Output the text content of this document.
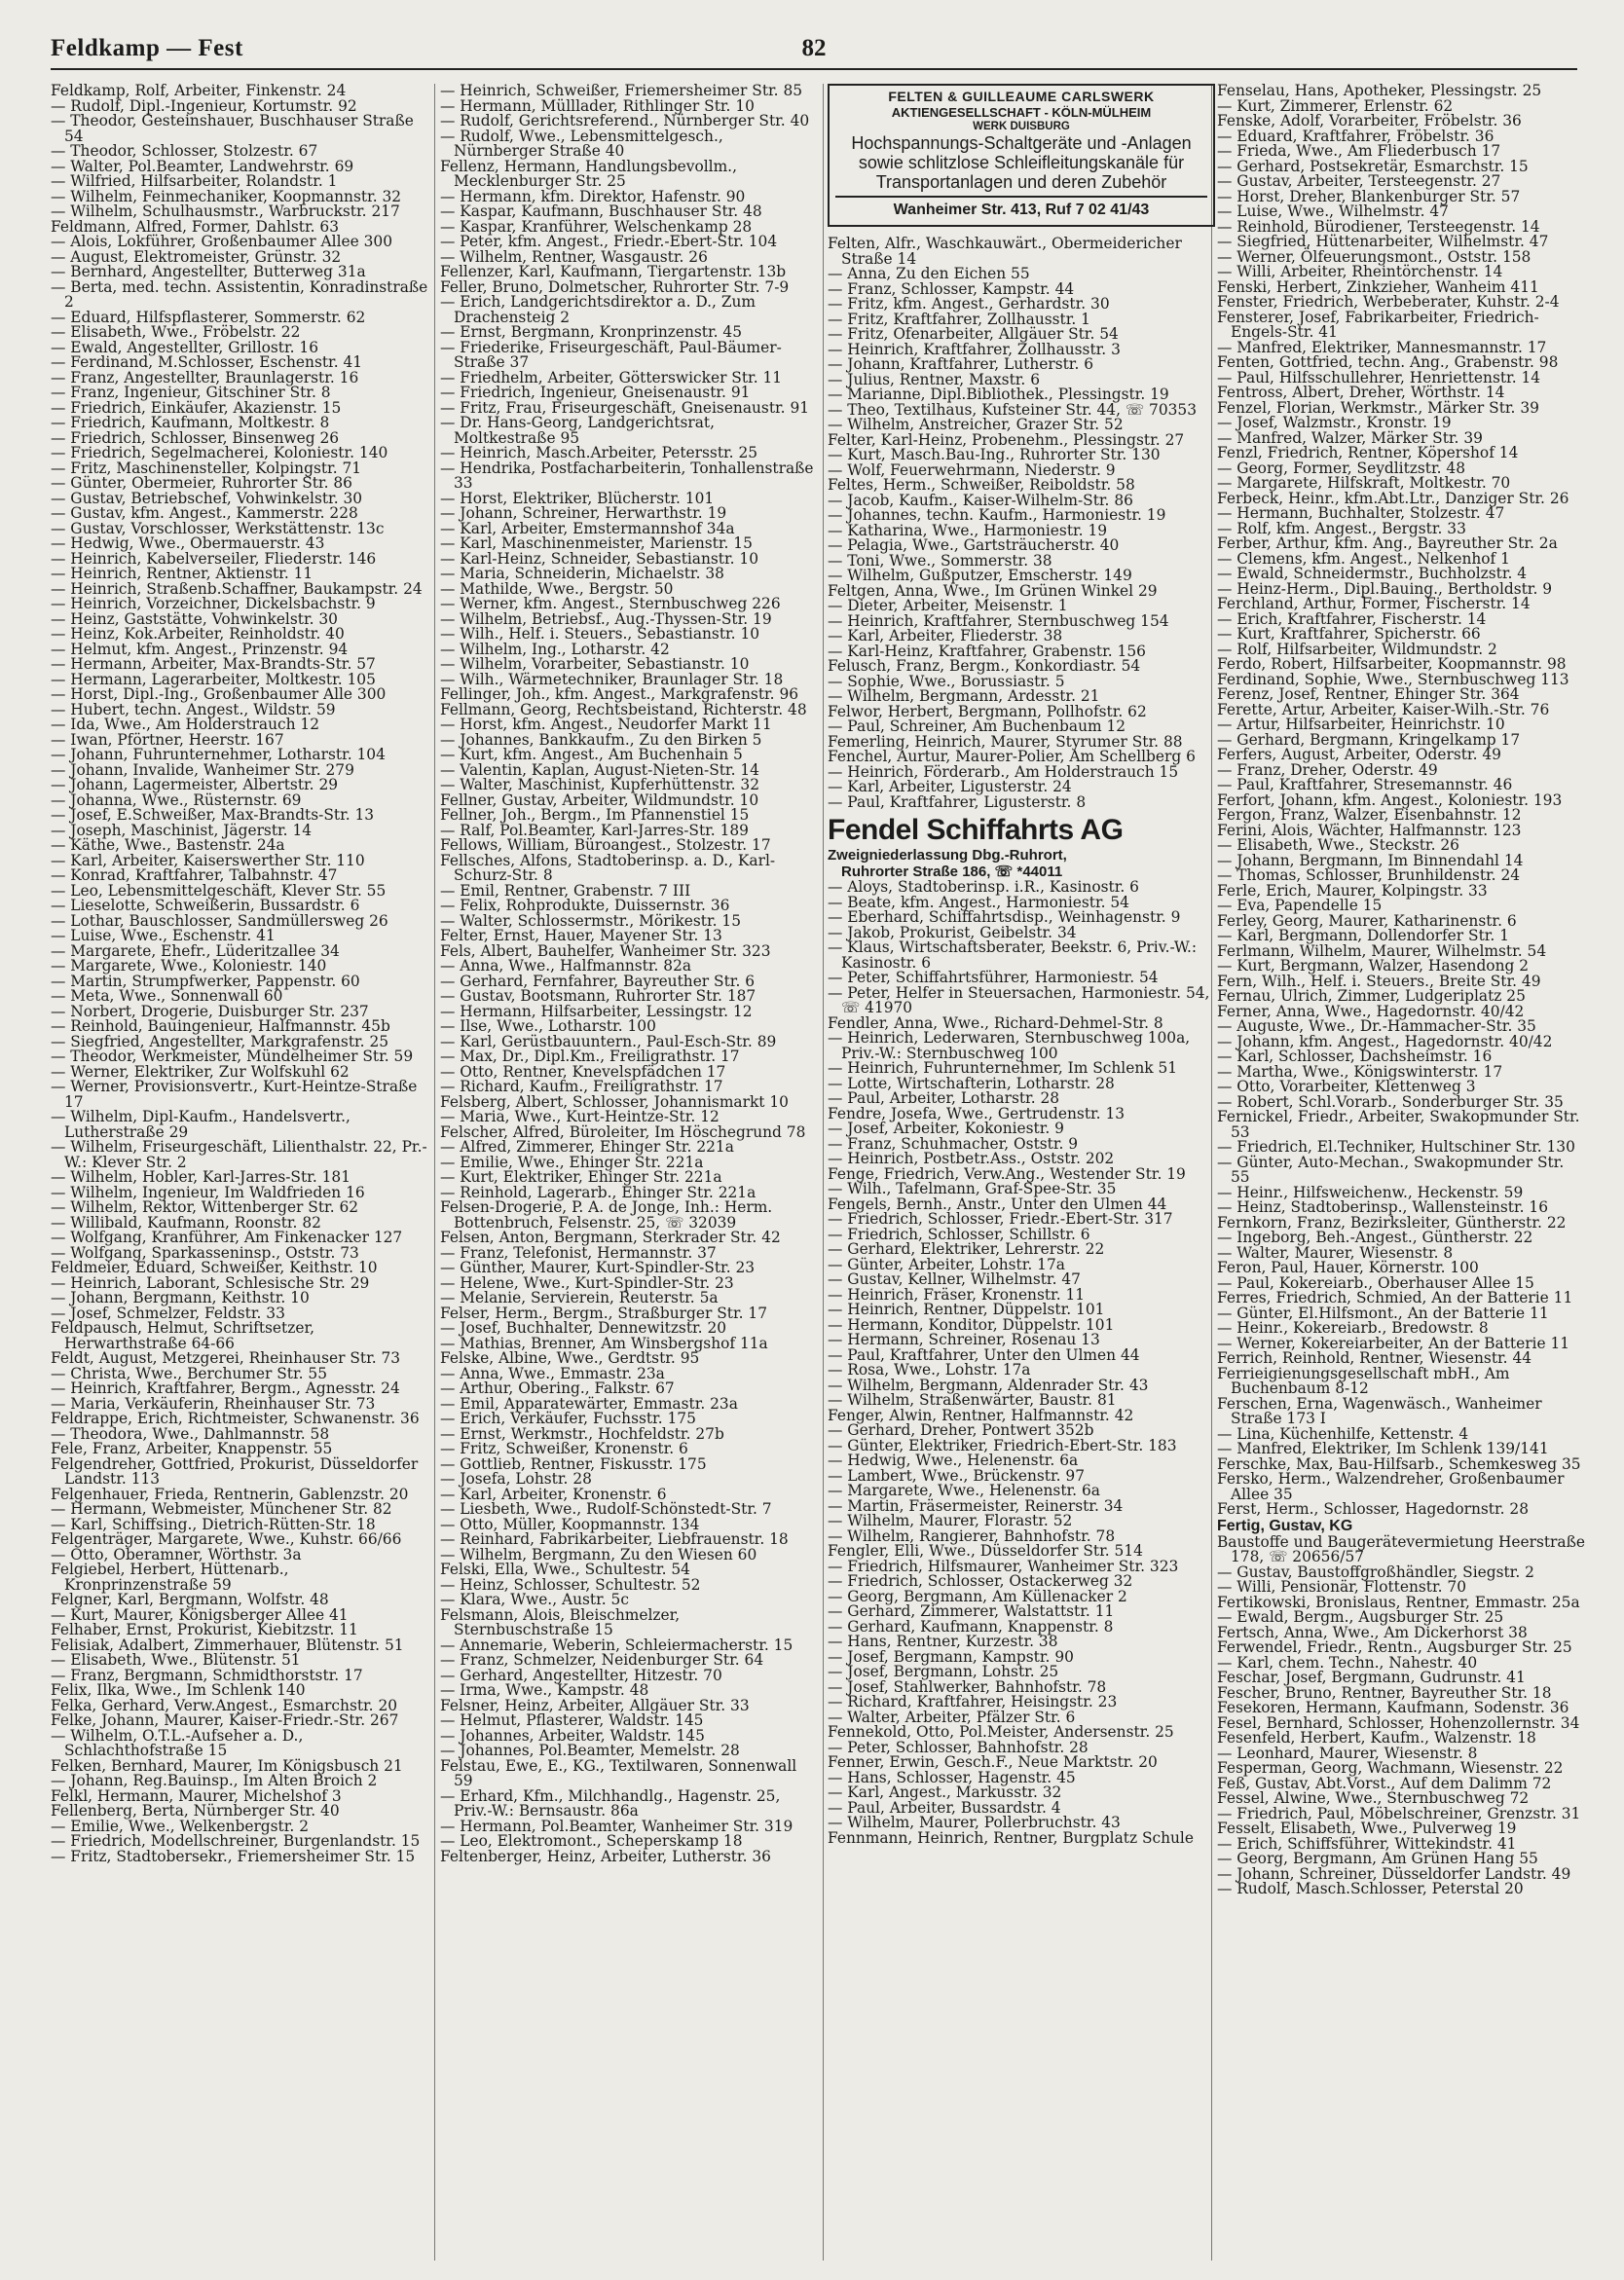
Feldkamp — Fest	82
Feldkamp, Rolf, Arbeiter, Finkenstr. 24
— Rudolf, Dipl.-Ingenieur, Kortumstr. 92
— Theodor, Gesteinshauer, Buschhauser Straße 54
— Theodor, Schlosser, Stolzestr. 67
— Walter, Pol.Beamter, Landwehrstr. 69
— Wilfried, Hilfsarbeiter, Rolandstr. 1
— Wilhelm, Feinmechaniker, Koopmannstr. 32
— Wilhelm, Schulhausmstr., Warbruckstr. 217
Feldmann, Alfred, Former, Dahlstr. 63
— Alois, Lokführer, Großenbaumer Allee 300
— August, Elektromeister, Grünstr. 32
— Bernhard, Angestellter, Butterweg 31a
— Berta, med. techn. Assistentin, Konradinstraße 2
— Eduard, Hilfspflasterer, Sommerstr. 62
— Elisabeth, Wwe., Fröbelstr. 22
— Ewald, Angestellter, Grillostr. 16
— Ferdinand, M.Schlosser, Eschenstr. 41
— Franz, Angestellter, Braunlagerstr. 16
— Franz, Ingenieur, Gitschiner Str. 8
— Friedrich, Einkäufer, Akazienstr. 15
— Friedrich, Kaufmann, Moltkestr. 8
— Friedrich, Schlosser, Binsenweg 26
— Friedrich, Segelmacherei, Koloniestr. 140
— Fritz, Maschinensteller, Kolpingstr. 71
— Günter, Obermeier, Ruhrorter Str. 86
— Gustav, Betriebschef, Vohwinkelstr. 30
— Gustav, kfm. Angest., Kammerstr. 228
— Gustav, Vorschlosser, Werkstättenstr. 13c
— Hedwig, Wwe., Obermauerstr. 43
— Heinrich, Kabelverseiler, Fliederstr. 146
— Heinrich, Rentner, Aktienstr. 11
— Heinrich, Straßenb.Schaffner, Baukampstr. 24
— Heinrich, Vorzeichner, Dickelsbachstr. 9
— Heinz, Gaststätte, Vohwinkelstr. 30
— Heinz, Kok.Arbeiter, Reinholdstr. 40
— Helmut, kfm. Angest., Prinzenstr. 94
— Hermann, Arbeiter, Max-Brandts-Str. 57
— Hermann, Lagerarbeiter, Moltkestr. 105
— Horst, Dipl.-Ing., Großenbaumer Alle 300
— Hubert, techn. Angest., Wildstr. 59
— Ida, Wwe., Am Holderstrauch 12
— Iwan, Pförtner, Heerstr. 167
— Johann, Fuhrunternehmer, Lotharstr. 104
— Johann, Invalide, Wanheimer Str. 279
— Johann, Lagermeister, Albertstr. 29
— Johanna, Wwe., Rüsternstr. 69
— Josef, E.Schweißer, Max-Brandts-Str. 13
— Joseph, Maschinist, Jägerstr. 14
— Käthe, Wwe., Bastenstr. 24a
— Karl, Arbeiter, Kaiserswerther Str. 110
— Konrad, Kraftfahrer, Talbahnstr. 47
— Leo, Lebensmittelgeschäft, Klever Str. 55
— Lieselotte, Schweißerin, Bussardstr. 6
— Lothar, Bauschlosser, Sandmüllersweg 26
— Luise, Wwe., Eschenstr. 41
— Margarete, Ehefr., Lüderitzallee 34
— Margarete, Wwe., Koloniestr. 140
— Martin, Strumpfwerker, Pappenstr. 60
— Meta, Wwe., Sonnenwall 60
— Norbert, Drogerie, Duisburger Str. 237
— Reinhold, Bauingenieur, Halfmannstr. 45b
— Siegfried, Angestellter, Markgrafenstr. 25
— Theodor, Werkmeister, Mündelheimer Str. 59
— Werner, Elektriker, Zur Wolfskuhl 62
— Werner, Provisionsvertr., Kurt-Heintze-Straße 17
— Wilhelm, Dipl-Kaufm., Handelsvertr., Lutherstraße 29
— Wilhelm, Friseurgeschäft, Lilienthalstr. 22, Pr.-W.: Klever Str. 2
— Wilhelm, Hobler, Karl-Jarres-Str. 181
— Wilhelm, Ingenieur, Im Waldfrieden 16
— Wilhelm, Rektor, Wittenberger Str. 62
— Willibald, Kaufmann, Roonstr. 82
— Wolfgang, Kranführer, Am Finkenacker 127
— Wolfgang, Sparkasseninsp., Oststr. 73
Feldmeier, Eduard, Schweißer, Keithstr. 10
— Heinrich, Laborant, Schlesische Str. 29
— Johann, Bergmann, Keithstr. 10
— Josef, Schmelzer, Feldstr. 33
Feldpausch, Helmut, Schriftsetzer, Herwarthstraße 64-66
Feldt, August, Metzgerei, Rheinhauser Str. 73
— Christa, Wwe., Berchumer Str. 55
— Heinrich, Kraftfahrer, Bergm., Agnesstr. 24
— Maria, Verkäuferin, Rheinhauser Str. 73
Feldrappe, Erich, Richtmeister, Schwanenstr. 36
— Theodora, Wwe., Dahlmannstr. 58
Fele, Franz, Arbeiter, Knappenstr. 55
Felgendreher, Gottfried, Prokurist, Düsseldorfer Landstr. 113
Felgenhauer, Frieda, Rentnerin, Gablenzstr. 20
— Hermann, Webmeister, Münchener Str. 82
— Karl, Schiffsing., Dietrich-Rütten-Str. 18
Felgenträger, Margarete, Wwe., Kuhstr. 66/66
— Otto, Oberamner, Wörthstr. 3a
Felgiebel, Herbert, Hüttenarb., Kronprinzenstraße 59
Felgner, Karl, Bergmann, Wolfstr. 48
— Kurt, Maurer, Königsberger Allee 41
Felhaber, Ernst, Prokurist, Kiebitzstr. 11
Felisiak, Adalbert, Zimmerhauer, Blütenstr. 51
— Elisabeth, Wwe., Blütenstr. 51
— Franz, Bergmann, Schmidthorststr. 17
Felix, Ilka, Wwe., Im Schlenk 140
Felka, Gerhard, Verw.Angest., Esmarchstr. 20
Felke, Johann, Maurer, Kaiser-Friedr.-Str. 267
— Wilhelm, O.T.L.-Aufseher a. D., Schlachthofstraße 15
Felken, Bernhard, Maurer, Im Königsbusch 21
— Johann, Reg.Bauinsp., Im Alten Broich 2
Felkl, Hermann, Maurer, Michelshof 3
Fellenberg, Berta, Nürnberger Str. 40
— Emilie, Wwe., Welkenbergstr. 2
— Friedrich, Modellschreiner, Burgenlandstr. 15
— Fritz, Stadtobersekr., Friemersheimer Str. 15
— Heinrich, Schweißer, Friemersheimer Str. 85
— Hermann, Mülllader, Rithlinger Str. 10
— Rudolf, Gerichtsreferend., Nürnberger Str. 40
— Rudolf, Wwe., Lebensmittelgesch., Nürnberger Straße 40
Fellenz, Hermann, Handlungsbevollm., Mecklenburger Str. 25
— Hermann, kfm. Direktor, Hafenstr. 90
— Kaspar, Kaufmann, Buschhauser Str. 48
— Kaspar, Kranführer, Welschenkamp 28
— Peter, kfm. Angest., Friedr.-Ebert-Str. 104
— Wilhelm, Rentner, Wasgaustr. 26
Fellenzer, Karl, Kaufmann, Tiergartenstr. 13b
Feller, Bruno, Dolmetscher, Ruhrorter Str. 7-9
— Erich, Landgerichtsdirektor a. D., Zum Drachensteig 2
— Ernst, Bergmann, Kronprinzenstr. 45
— Friederike, Friseurgeschäft, Paul-Bäumer-Straße 37
— Friedhelm, Arbeiter, Götterswicker Str. 11
— Friedrich, Ingenieur, Gneisenaustr. 91
— Fritz, Frau, Friseurgeschäft, Gneisenaustr. 91
— Dr. Hans-Georg, Landgerichtsrat, Moltkestraße 95
— Heinrich, Masch.Arbeiter, Petersstr. 25
— Hendrika, Postfacharbeiterin, Tonhallenstraße 33
— Horst, Elektriker, Blücherstr. 101
— Johann, Schreiner, Herwarthstr. 19
— Karl, Arbeiter, Emstermannshof 34a
— Karl, Maschinenmeister, Marienstr. 15
— Karl-Heinz, Schneider, Sebastianstr. 10
— Maria, Schneiderin, Michaelstr. 38
— Mathilde, Wwe., Bergstr. 50
— Werner, kfm. Angest., Sternbuschweg 226
— Wilhelm, Betriebsf., Aug.-Thyssen-Str. 19
— Wilh., Helf. i. Steuers., Sebastianstr. 10
— Wilhelm, Ing., Lotharstr. 42
— Wilhelm, Vorarbeiter, Sebastianstr. 10
— Wilh., Wärmetechniker, Braunlager Str. 18
Fellinger, Joh., kfm. Angest., Markgrafenstr. 96
Fellmann, Georg, Rechtsbeistand, Richterstr. 48
— Horst, kfm. Angest., Neudorfer Markt 11
— Johannes, Bankkaufm., Zu den Birken 5
— Kurt, kfm. Angest., Am Buchenhain 5
— Valentin, Kaplan, August-Nieten-Str. 14
— Walter, Maschinist, Kupferhüttenstr. 32
Fellner, Gustav, Arbeiter, Wildmundstr. 10
Fellner, Joh., Bergm., Im Pfannenstiel 15
— Ralf, Pol.Beamter, Karl-Jarres-Str. 189
Fellows, William, Büroangest., Stolzestr. 17
Fellsches, Alfons, Stadtoberinsp. a. D., Karl-Schurz-Str. 8
— Emil, Rentner, Grabenstr. 7 III
— Felix, Rohprodukte, Duissernstr. 36
— Walter, Schlossermstr., Mörikestr. 15
Felter, Ernst, Hauer, Mayener Str. 13
Fels, Albert, Bauhelfer, Wanheimer Str. 323
— Anna, Wwe., Halfmannstr. 82a
— Gerhard, Fernfahrer, Bayreuther Str. 6
— Gustav, Bootsmann, Ruhrorter Str. 187
— Hermann, Hilfsarbeiter, Lessingstr. 12
— Ilse, Wwe., Lotharstr. 100
— Karl, Gerüstbauuntern., Paul-Esch-Str. 89
— Max, Dr., Dipl.Km., Freiligrathstr. 17
— Otto, Rentner, Knevelspfädchen 17
— Richard, Kaufm., Freiligrathstr. 17
Felsberg, Albert, Schlosser, Johannismarkt 10
— Maria, Wwe., Kurt-Heintze-Str. 12
Felscher, Alfred, Büroleiter, Im Höschegrund 78
— Alfred, Zimmerer, Ehinger Str. 221a
— Emilie, Wwe., Ehinger Str. 221a
— Kurt, Elektriker, Ehinger Str. 221a
— Reinhold, Lagerarb., Ehinger Str. 221a
Felsen-Drogerie, P. A. de Jonge, Inh.: Herm. Bottenbruch, Felsenstr. 25, ☏ 32039
Felsen, Anton, Bergmann, Sterkrader Str. 42
— Franz, Telefonist, Hermannstr. 37
— Günther, Maurer, Kurt-Spindler-Str. 23
— Helene, Wwe., Kurt-Spindler-Str. 23
— Melanie, Servierein, Reuterstr. 5a
Felser, Herm., Bergm., Straßburger Str. 17
— Josef, Buchhalter, Dennewitzstr. 20
— Mathias, Brenner, Am Winsbergshof 11a
Felske, Albine, Wwe., Gerdtstr. 95
— Anna, Wwe., Emmastr. 23a
— Arthur, Obering., Falkstr. 67
— Emil, Apparatewärter, Emmastr. 23a
— Erich, Verkäufer, Fuchsstr. 175
— Ernst, Werkmstr., Hochfeldstr. 27b
— Fritz, Schweißer, Kronenstr. 6
— Gottlieb, Rentner, Fiskusstr. 175
— Josefa, Lohstr. 28
— Karl, Arbeiter, Kronenstr. 6
— Liesbeth, Wwe., Rudolf-Schönstedt-Str. 7
— Otto, Müller, Koopmannstr. 134
— Reinhard, Fabrikarbeiter, Liebfrauenstr. 18
— Wilhelm, Bergmann, Zu den Wiesen 60
Felski, Ella, Wwe., Schultestr. 54
— Heinz, Schlosser, Schultestr. 52
— Klara, Wwe., Austr. 5c
Felsmann, Alois, Bleischmelzer, Sternbuschstraße 15
— Annemarie, Weberin, Schleiermacherstr. 15
— Franz, Schmelzer, Neidenburger Str. 64
— Gerhard, Angestellter, Hitzestr. 70
— Irma, Wwe., Kampstr. 48
Felsner, Heinz, Arbeiter, Allgäuer Str. 33
— Helmut, Pflasterer, Waldstr. 145
— Johannes, Arbeiter, Waldstr. 145
— Johannes, Pol.Beamter, Memelstr. 28
Felstau, Ewe, E., KG., Textilwaren, Sonnenwall 59
— Erhard, Kfm., Milchhandlg., Hagenstr. 25, Priv.-W.: Bernsaustr. 86a
— Hermann, Pol.Beamter, Wanheimer Str. 319
— Leo, Elektromont., Scheperskamp 18
Feltenberger, Heinz, Arbeiter, Lutherstr. 36
FELTEN & GUILLEAUME CARLSWERK
AKTIENGESELLSCHAFT - KÖLN-MÜLHEIM
WERK DUISBURG
Hochspannungs-Schaltgeräte und -Anlagen sowie schlitzlose Schleifleitungskanäle für Transportanlagen und deren Zubehör
Wanheimer Str. 413, Ruf 7 02 41/43
Felten, Alfr., Waschkauwärt., Obermeidericher Straße 14
— Anna, Zu den Eichen 55
— Franz, Schlosser, Kampstr. 44
— Fritz, kfm. Angest., Gerhardstr. 30
— Fritz, Kraftfahrer, Zollhausstr. 1
— Fritz, Ofenarbeiter, Allgäuer Str. 54
— Heinrich, Kraftfahrer, Zollhausstr. 3
— Johann, Kraftfahrer, Lutherstr. 6
— Julius, Rentner, Maxstr. 6
— Marianne, Dipl.Bibliothek., Plessingstr. 19
— Theo, Textilhaus, Kufsteiner Str. 44, ☏ 70353
— Wilhelm, Anstreicher, Grazer Str. 52
Felter, Karl-Heinz, Probenehm., Plessingstr. 27
— Kurt, Masch.Bau-Ing., Ruhrorter Str. 130
— Wolf, Feuerwehrmann, Niederstr. 9
Feltes, Herm., Schweißer, Reiboldstr. 58
— Jacob, Kaufm., Kaiser-Wilhelm-Str. 86
— Johannes, techn. Kaufm., Harmoniestr. 19
— Katharina, Wwe., Harmoniestr. 19
— Pelagia, Wwe., Gartsträucherstr. 40
— Toni, Wwe., Sommerstr. 38
— Wilhelm, Gußputzer, Emscherstr. 149
Feltgen, Anna, Wwe., Im Grünen Winkel 29
— Dieter, Arbeiter, Meisenstr. 1
— Heinrich, Kraftfahrer, Sternbuschweg 154
— Karl, Arbeiter, Fliederstr. 38
— Karl-Heinz, Kraftfahrer, Grabenstr. 156
Felusch, Franz, Bergm., Konkordiastr. 54
— Sophie, Wwe., Borussiastr. 5
— Wilhelm, Bergmann, Ardesstr. 21
Felwor, Herbert, Bergmann, Pollhofstr. 62
— Paul, Schreiner, Am Buchenbaum 12
Femerling, Heinrich, Maurer, Styrumer Str. 88
Fenchel, Aurtur, Maurer-Polier, Am Schellberg 6
— Heinrich, Förderarb., Am Holderstrauch 15
— Karl, Arbeiter, Ligusterstr. 24
— Paul, Kraftfahrer, Ligusterstr. 8
Fendel Schiffahrts AG
Zweigniederlassung Dbg.-Ruhrort,
Ruhrorter Straße 186, ☏ *44011
— Aloys, Stadtoberinsp. i.R., Kasinostr. 6
— Beate, kfm. Angest., Harmoniestr. 54
— Eberhard, Schiffahrtsdisp., Weinhagenstr. 9
— Jakob, Prokurist, Geibelstr. 34
— Klaus, Wirtschaftsberater, Beekstr. 6, Priv.-W.: Kasinostr. 6
— Peter, Schiffahrtsführer, Harmoniestr. 54
— Peter, Helfer in Steuersachen, Harmoniestr. 54, ☏ 41970
Fendler, Anna, Wwe., Richard-Dehmel-Str. 8
— Heinrich, Lederwaren, Sternbuschweg 100a, Priv.-W.: Sternbuschweg 100
— Heinrich, Fuhrunternehmer, Im Schlenk 51
— Lotte, Wirtschafterin, Lotharstr. 28
— Paul, Arbeiter, Lotharstr. 28
Fendre, Josefa, Wwe., Gertrudenstr. 13
— Josef, Arbeiter, Kokoniestr. 9
— Franz, Schuhmacher, Oststr. 9
— Heinrich, Postbetr.Ass., Oststr. 202
Fenge, Friedrich, Verw.Ang., Westender Str. 19
— Wilh., Tafelmann, Graf-Spee-Str. 35
Fengels, Bernh., Anstr., Unter den Ulmen 44
— Friedrich, Schlosser, Friedr.-Ebert-Str. 317
— Friedrich, Schlosser, Schillstr. 6
— Gerhard, Elektriker, Lehrerstr. 22
— Günter, Arbeiter, Lohstr. 17a
— Gustav, Kellner, Wilhelmstr. 47
— Heinrich, Fräser, Kronenstr. 11
— Heinrich, Rentner, Düppelstr. 101
— Hermann, Konditor, Düppelstr. 101
— Hermann, Schreiner, Rosenau 13
— Paul, Kraftfahrer, Unter den Ulmen 44
— Rosa, Wwe., Lohstr. 17a
— Wilhelm, Bergmann, Aldenrader Str. 43
— Wilhelm, Straßenwärter, Baustr. 81
Fenger, Alwin, Rentner, Halfmannstr. 42
— Gerhard, Dreher, Pontwert 352b
— Günter, Elektriker, Friedrich-Ebert-Str. 183
— Hedwig, Wwe., Helenenstr. 6a
— Lambert, Wwe., Brückenstr. 97
— Margarete, Wwe., Helenenstr. 6a
— Martin, Fräsermeister, Reinerstr. 34
— Wilhelm, Maurer, Florastr. 52
— Wilhelm, Rangierer, Bahnhofstr. 78
Fengler, Elli, Wwe., Düsseldorfer Str. 514
— Friedrich, Hilfsmaurer, Wanheimer Str. 323
— Friedrich, Schlosser, Ostackerweg 32
— Georg, Bergmann, Am Küllenacker 2
— Gerhard, Zimmerer, Walstattstr. 11
— Gerhard, Kaufmann, Knappenstr. 8
— Hans, Rentner, Kurzestr. 38
— Josef, Bergmann, Kampstr. 90
— Josef, Bergmann, Lohstr. 25
— Josef, Stahlwerker, Bahnhofstr. 78
— Richard, Kraftfahrer, Heisingstr. 23
— Walter, Arbeiter, Pfälzer Str. 6
Fennekold, Otto, Pol.Meister, Andersenstr. 25
— Peter, Schlosser, Bahnhofstr. 28
Fenner, Erwin, Gesch.F., Neue Marktstr. 20
— Hans, Schlosser, Hagenstr. 45
— Karl, Angest., Markusstr. 32
— Paul, Arbeiter, Bussardstr. 4
— Wilhelm, Maurer, Pollerbruchstr. 43
Fennmann, Heinrich, Rentner, Burgplatz Schule
Fenselau, Hans, Apotheker, Plessingstr. 25
— Kurt, Zimmerer, Erlenstr. 62
Fenske, Adolf, Vorarbeiter, Fröbelstr. 36
— Eduard, Kraftfahrer, Fröbelstr. 36
— Frieda, Wwe., Am Fliederbusch 17
— Gerhard, Postsekretär, Esmarchstr. 15
— Gustav, Arbeiter, Tersteegenstr. 27
— Horst, Dreher, Blankenburger Str. 57
— Luise, Wwe., Wilhelmstr. 47
— Reinhold, Bürodiener, Tersteegenstr. 14
— Siegfried, Hüttenarbeiter, Wilhelmstr. 47
— Werner, Ölfeuerungsmont., Oststr. 158
— Willi, Arbeiter, Rheintörchenstr. 14
Fenski, Herbert, Zinkzieher, Wanheim 411
Fenster, Friedrich, Werbeberater, Kuhstr. 2-4
Fensterer, Josef, Fabrikarbeiter, Friedrich-Engels-Str. 41
— Manfred, Elektriker, Mannesmannstr. 17
Fenten, Gottfried, techn. Ang., Grabenstr. 98
— Paul, Hilfsschullehrer, Henriettenstr. 14
Fentross, Albert, Dreher, Wörthstr. 14
Fenzel, Florian, Werkmstr., Märker Str. 39
— Josef, Walzmstr., Kronstr. 19
— Manfred, Walzer, Märker Str. 39
Fenzl, Friedrich, Rentner, Köpershof 14
— Georg, Former, Seydlitzstr. 48
— Margarete, Hilfskraft, Moltkestr. 70
Ferbeck, Heinr., kfm.Abt.Ltr., Danziger Str. 26
— Hermann, Buchhalter, Stolzestr. 47
— Rolf, kfm. Angest., Bergstr. 33
Ferber, Arthur, kfm. Ang., Bayreuther Str. 2a
— Clemens, kfm. Angest., Nelkenhof 1
— Ewald, Schneidermstr., Buchholzstr. 4
— Heinz-Herm., Dipl.Bauing., Bertholdstr. 9
Ferchland, Arthur, Former, Fischerstr. 14
— Erich, Kraftfahrer, Fischerstr. 14
— Kurt, Kraftfahrer, Spicherstr. 66
— Rolf, Hilfsarbeiter, Wildmundstr. 2
Ferdo, Robert, Hilfsarbeiter, Koopmannstr. 98
Ferdinand, Sophie, Wwe., Sternbuschweg 113
Ferenz, Josef, Rentner, Ehinger Str. 364
Ferette, Artur, Arbeiter, Kaiser-Wilh.-Str. 76
— Artur, Hilfsarbeiter, Heinrichstr. 10
— Gerhard, Bergmann, Kringelkamp 17
Ferfers, August, Arbeiter, Oderstr. 49
— Franz, Dreher, Oderstr. 49
— Paul, Kraftfahrer, Stresemannstr. 46
Ferfort, Johann, kfm. Angest., Koloniestr. 193
Fergon, Franz, Walzer, Eisenbahnstr. 12
Ferini, Alois, Wächter, Halfmannstr. 123
— Elisabeth, Wwe., Steckstr. 26
— Johann, Bergmann, Im Binnendahl 14
— Thomas, Schlosser, Brunhildenstr. 24
Ferle, Erich, Maurer, Kolpingstr. 33
— Eva, Papendelle 15
Ferley, Georg, Maurer, Katharinenstr. 6
— Karl, Bergmann, Dollendorfer Str. 1
Ferlmann, Wilhelm, Maurer, Wilhelmstr. 54
— Kurt, Bergmann, Walzer, Hasendong 2
Fern, Wilh., Helf. i. Steuers., Breite Str. 49
Fernau, Ulrich, Zimmer, Ludgeriplatz 25
Ferner, Anna, Wwe., Hagedornstr. 40/42
— Auguste, Wwe., Dr.-Hammacher-Str. 35
— Johann, kfm. Angest., Hagedornstr. 40/42
— Karl, Schlosser, Dachsheimstr. 16
— Martha, Wwe., Königswinterstr. 17
— Otto, Vorarbeiter, Klettenweg 3
— Robert, Schl.Vorarb., Sonderburger Str. 35
Fernickel, Friedr., Arbeiter, Swakopmunder Str. 53
— Friedrich, El.Techniker, Hultschiner Str. 130
— Günter, Auto-Mechan., Swakopmunder Str. 55
— Heinr., Hilfsweichenw., Heckenstr. 59
— Heinz, Stadtoberinsp., Wallensteinstr. 16
Fernkorn, Franz, Bezirksleiter, Güntherstr. 22
— Ingeborg, Beh.-Angest., Güntherstr. 22
— Walter, Maurer, Wiesenstr. 8
Feron, Paul, Hauer, Körnerstr. 100
— Paul, Kokereiarb., Oberhauser Allee 15
Ferres, Friedrich, Schmied, An der Batterie 11
— Günter, El.Hilfsmont., An der Batterie 11
— Heinr., Kokereiarb., Bredowstr. 8
— Werner, Kokereiarbeiter, An der Batterie 11
Ferrich, Reinhold, Rentner, Wiesenstr. 44
Ferrieigienungsgesellschaft mbH., Am Buchenbaum 8-12
Ferschen, Erna, Wagenwäsch., Wanheimer Straße 173 I
— Lina, Küchenhilfe, Kettenstr. 4
— Manfred, Elektriker, Im Schlenk 139/141
Ferschke, Max, Bau-Hilfsarb., Schemkesweg 35
Fersko, Herm., Walzendreher, Großenbaumer Allee 35
Ferst, Herm., Schlosser, Hagedornstr. 28
Fertig, Gustav, KG
Baustoffe und Baugerätevermietung Heerstraße 178, ☏ 20656/57
— Gustav, Baustoffgroßhändler, Siegstr. 2
— Willi, Pensionär, Flottenstr. 70
Fertikowski, Bronislaus, Rentner, Emmastr. 25a
— Ewald, Bergm., Augsburger Str. 25
Fertsch, Anna, Wwe., Am Dickerhorst 38
Ferwendel, Friedr., Rentn., Augsburger Str. 25
— Karl, chem. Techn., Nahestr. 40
Feschar, Josef, Bergmann, Gudrunstr. 41
Fescher, Bruno, Rentner, Bayreuther Str. 18
Fesekoren, Hermann, Kaufmann, Sodenstr. 36
Fesel, Bernhard, Schlosser, Hohenzollernstr. 34
Fesenfeld, Herbert, Kaufm., Walzenstr. 18
— Leonhard, Maurer, Wiesenstr. 8
Fesperman, Georg, Wachmann, Wiesenstr. 22
Feß, Gustav, Abt.Vorst., Auf dem Dalimm 72
Fessel, Alwine, Wwe., Sternbuschweg 72
— Friedrich, Paul, Möbelschreiner, Grenzstr. 31
Fesselt, Elisabeth, Wwe., Pulverweg 19
— Erich, Schiffsführer, Wittekindstr. 41
— Georg, Bergmann, Am Grünen Hang 55
— Johann, Schreiner, Düsseldorfer Landstr. 49
— Rudolf, Masch.Schlosser, Peterstal 20
